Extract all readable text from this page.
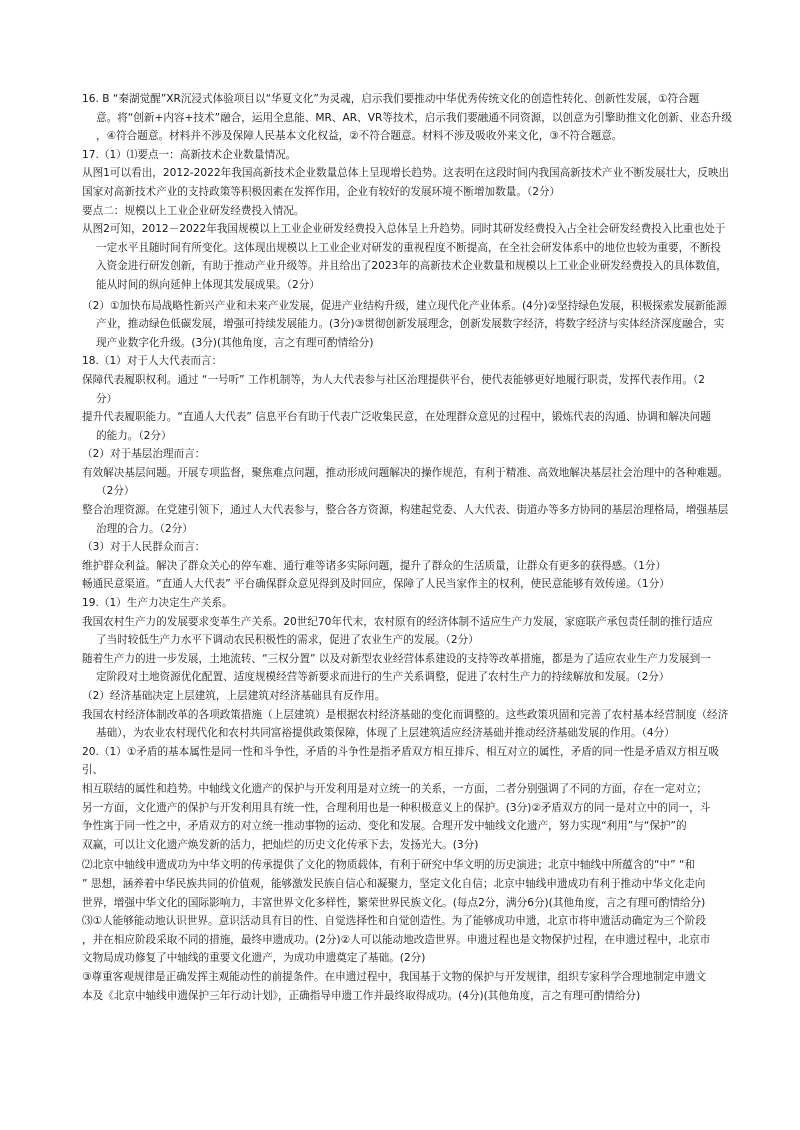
16. B “秦湖觉醒”XR沉浸式体验项目以“华夏文化”为灵魂，启示我们要推动中华优秀传统文化的创造性转化、创新性发展，①符合题

意。将“创新+内容+技术”融合，运用全息能、MR、AR、VR等技术，启示我们要融通不同资源，以创意为引擎助推文化创新、业态升级

，④符合题意。材料并不涉及保障人民基本文化权益，②不符合题意。材料不涉及吸收外来文化，③不符合题意。

17.（1）⑴要点一：高新技术企业数量情况。

从图1可以看出，2012-2022年我国高新技术企业数量总体上呈现增长趋势。这表明在这段时间内我国高新技术产业不断发展壮大，反映出

国家对高新技术产业的支持政策等积极因素在发挥作用，企业有较好的发展环境不断增加数量。（2分）

要点二：规模以上工业企业研发经费投入情况。

从图2可知，2012－2022年我国规模以上工业企业研发经费投入总体呈上升趋势。同时其研发经费投入占全社会研发经费投入比重也处于

一定水平且随时间有所变化。这体现出规模以上工业企业对研发的重视程度不断提高，在全社会研发体系中的地位也较为重要，不断投

入资金进行研发创新，有助于推动产业升级等。并且给出了2023年的高新技术企业数量和规模以上工业企业研发经费投入的具体数值，

能从时间的纵向延伸上体现其发展成果。（2分）

（2）①加快布局战略性新兴产业和未来产业发展，促进产业结构升级，建立现代化产业体系。(4分)②坚持绿色发展，积极探索发展新能源

产业，推动绿色低碳发展，增强可持续发展能力。(3分)③贯彻创新发展理念，创新发展数字经济，将数字经济与实体经济深度融合，实

现产业数字化升级。(3分)(其他角度，言之有理可酌情给分)

18.（1）对于人大代表而言：

保障代表履职权利。通过 “一号听” 工作机制等，为人大代表参与社区治理提供平台，使代表能够更好地履行职责，发挥代表作用。（2

分）

提升代表履职能力。“直通人大代表” 信息平台有助于代表广泛收集民意，在处理群众意见的过程中，锻炼代表的沟通、协调和解决问题

的能力。（2分）

（2）对于基层治理而言：

有效解决基层问题。开展专项监督，聚焦难点问题，推动形成问题解决的操作规范，有利于精准、高效地解决基层社会治理中的各种难题。

（2分）

整合治理资源。在党建引领下，通过人大代表参与，整合各方资源，构建起党委、人大代表、街道办等多方协同的基层治理格局，增强基层

治理的合力。（2分）

（3）对于人民群众而言：

维护群众利益。解决了群众关心的停车难、通行难等诸多实际问题，提升了群众的生活质量，让群众有更多的获得感。（1分）

畅通民意渠道。“直通人大代表” 平台确保群众意见得到及时回应，保障了人民当家作主的权利，使民意能够有效传递。（1分）

19.（1）生产力决定生产关系。

我国农村生产力的发展要求变革生产关系。20世纪70年代末，农村原有的经济体制不适应生产力发展，家庭联产承包责任制的推行适应

了当时较低生产力水平下调动农民积极性的需求，促进了农业生产的发展。（2分）

随着生产力的进一步发展，土地流转、“三权分置” 以及对新型农业经营体系建设的支持等改革措施，都是为了适应农业生产力发展到一

定阶段对土地资源优化配置、适度规模经营等新要求而进行的生产关系调整，促进了农村生产力的持续解放和发展。（2分）

（2）经济基础决定上层建筑，上层建筑对经济基础具有反作用。

我国农村经济体制改革的各项政策措施（上层建筑）是根据农村经济基础的变化而调整的。这些政策巩固和完善了农村基本经营制度（经济

基础），为农业农村现代化和农村共同富裕提供政策保障，体现了上层建筑适应经济基础并推动经济基础发展的作用。（4分）

20.（1）①矛盾的基本属性是同一性和斗争性，矛盾的斗争性是指矛盾双方相互排斥、相互对立的属性，矛盾的同一性是矛盾双方相互吸引、

相互联结的属性和趋势。中轴线文化遗产的保护与开发利用是对立统一的关系，一方面，二者分别强调了不同的方面，存在一定对立；

另一方面，文化遗产的保护与开发利用具有统一性，合理利用也是一种积极意义上的保护。(3分)②矛盾双方的同一是对立中的同一，斗

争性寓于同一性之中，矛盾双方的对立统一推动事物的运动、变化和发展。合理开发中轴线文化遗产，努力实现“利用”与“保护”的

双赢，可以让文化遗产焕发新的活力，把灿烂的历史文化传承下去，发扬光大。(3分)

⑵北京中轴线申遗成功为中华文明的传承提供了文化的物质载体，有利于研究中华文明的历史演进；北京中轴线中所蕴含的“中” “和

” 思想，涵养着中华民族共同的价值观，能够激发民族自信心和凝聚力，坚定文化自信；北京中轴线申遗成功有利于推动中华文化走向

世界，增强中华文化的国际影响力，丰富世界文化多样性，繁荣世界民族文化。(每点2分，满分6分)(其他角度，言之有理可酌情给分)

⑶①人能够能动地认识世界。意识活动具有目的性、自觉选择性和自觉创造性。为了能够成功申遗，北京市将申遗活动确定为三个阶段

，并在相应阶段采取不同的措施，最终申遗成功。(2分)②人可以能动地改造世界。申遗过程也是文物保护过程，在申遗过程中，北京市

文物局成功修复了中轴线的重要文化遗产，为成功申遗奠定了基础。(2分)

③尊重客观规律是正确发挥主观能动性的前提条件。在申遗过程中，我国基于文物的保护与开发规律，组织专家科学合理地制定申遗文

本及《北京中轴线申遗保护三年行动计划》，正确指导申遗工作并最终取得成功。(4分)(其他角度，言之有理可酌情给分)
